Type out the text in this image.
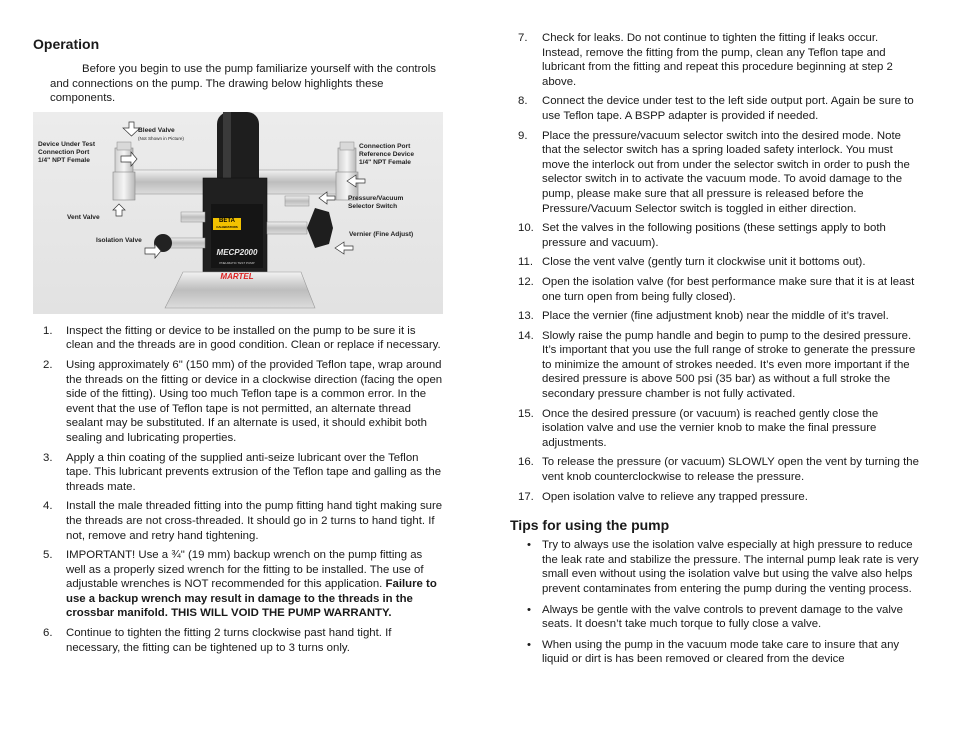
Operation

Before you begin to use the pump familiarize yourself with the controls and connections on the pump. The drawing below highlights these components.

Device Under Test
Connection Port
1/4" NPT Female
Bleed Valve
(Not Shown in Picture)
Connection Port
Reference Device
1/4" NPT Female
Pressure/Vacuum
Selector Switch
Vent Valve
Vernier (Fine Adjust)
Isolation Valve
BETA
CALIBRATORS
MECP2000
PNEUMATIC TEST PUMP
MARTEL
1.	Inspect the fitting or device to be installed on the pump to be sure it is clean and the threads are in good condition. Clean or replace if necessary.
2.	Using approximately 6" (150 mm) of the provided Teflon tape, wrap around the threads on the fitting or device in a clockwise direction (facing the open side of the fitting). Using too much Teflon tape is a common error. In the event that the use of Teflon tape is not permitted, an alternate thread sealant may be substituted. If an alternate is used, it should exhibit both sealing and lubricating properties.
3.	Apply a thin coating of the supplied anti-seize lubricant over the Teflon tape. This lubricant prevents extrusion of the Teflon tape and galling as the threads mate.
4.	Install the male threaded fitting into the pump fitting hand tight making sure the threads are not cross-threaded. It should go in 2 turns to hand tight. If not, remove and retry hand tightening.
5.	IMPORTANT! Use a ¾" (19 mm) backup wrench on the pump fitting as well as a properly sized wrench for the fitting to be installed. The use of adjustable wrenches is NOT recommended for this application. Failure to use a backup wrench may result in damage to the threads in the crossbar manifold. THIS WILL VOID THE PUMP WARRANTY.
6.	Continue to tighten the fitting 2 turns clockwise past hand tight. If necessary, the fitting can be tightened up to 3 turns only.
7.	Check for leaks. Do not continue to tighten the fitting if leaks occur. Instead, remove the fitting from the pump, clean any Teflon tape and lubricant from the fitting and repeat this procedure beginning at step 2 above.
8.	Connect the device under test to the left side output port. Again be sure to use Teflon tape. A BSPP adapter is provided if needed.
9.	Place the pressure/vacuum selector switch into the desired mode. Note that the selector switch has a spring loaded safety interlock. You must move the interlock out from under the selector switch in order to push the selector switch in to activate the vacuum mode. To avoid damage to the pump, please make sure that all pressure is released before the Pressure/Vacuum Selector switch is toggled in either direction.
10. Set the valves in the following positions (these settings apply to both pressure and vacuum).
11. Close the vent valve (gently turn it clockwise unit it bottoms out).
12. Open the isolation valve (for best performance make sure that it is at least one turn open from being fully closed).
13. Place the vernier (fine adjustment knob) near the middle of it’s travel.
14. Slowly raise the pump handle and begin to pump to the desired pressure. It’s important that you use the full range of stroke to generate the pressure to minimize the amount of strokes needed. It’s even more important if the desired pressure is above 500 psi (35 bar) as without a full stroke the secondary pressure chamber is not fully activated.
15. Once the desired pressure (or vacuum) is reached gently close the isolation valve and use the vernier knob to make the final pressure adjustments.
16. To release the pressure (or vacuum) SLOWLY open the vent by turning the vent knob counterclockwise to release the pressure.
17. Open isolation valve to relieve any trapped pressure.
Tips for using the pump
• Try to always use the isolation valve especially at high pressure to reduce the leak rate and stabilize the pressure. The internal pump leak rate is very small even without using the isolation valve but using the valve also helps prevent contaminates from entering the pump during the venting process.
• Always be gentle with the valve controls to prevent damage to the valve seats. It doesn’t take much torque to fully close a valve.
• When using the pump in the vacuum mode take care to insure that any liquid or dirt is has been removed or cleared from the device
